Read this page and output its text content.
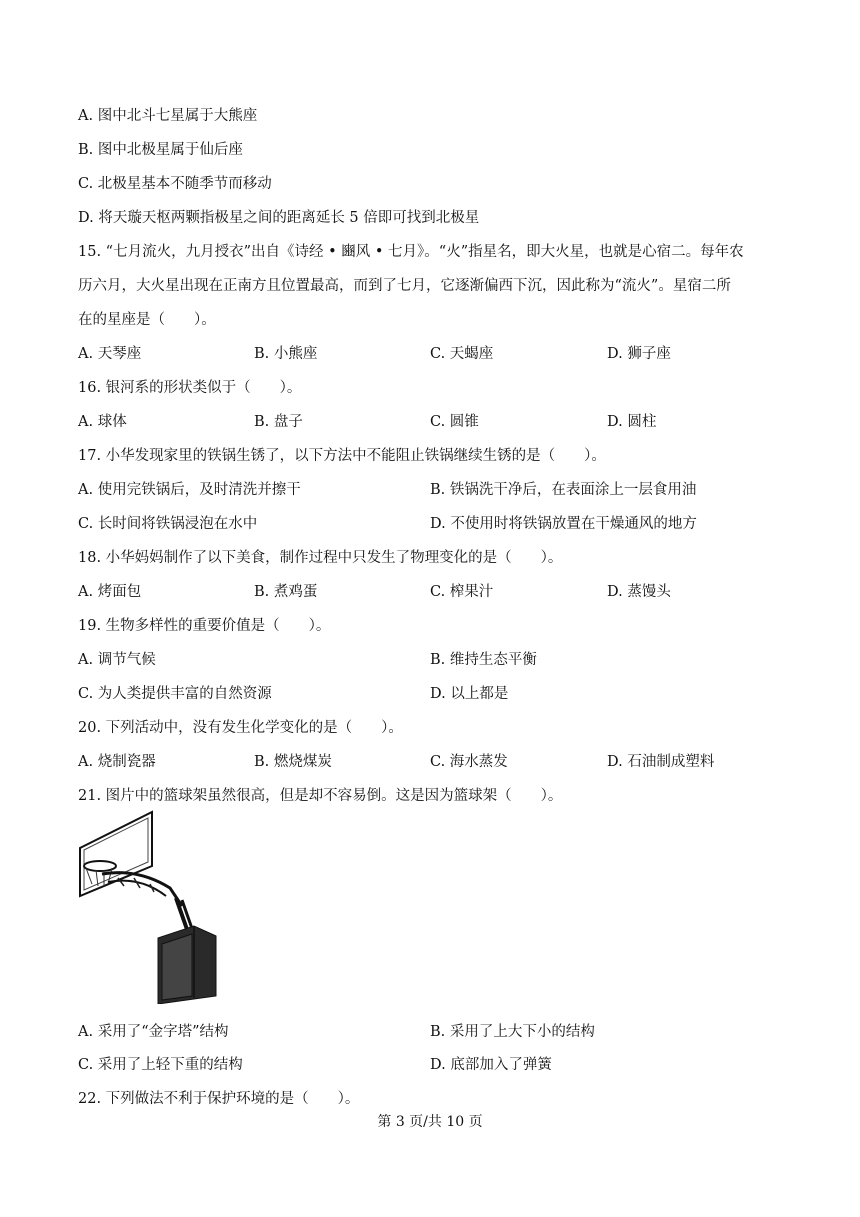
A. 图中北斗七星属于大熊座
B. 图中北极星属于仙后座
C. 北极星基本不随季节而移动
D. 将天璇天枢两颗指极星之间的距离延长 5 倍即可找到北极星
15. “七月流火，九月授衣”出自《诗经 • 豳风 • 七月》。“火”指星名，即大火星，也就是心宿二。每年农
历六月，大火星出现在正南方且位置最高，而到了七月，它逐渐偏西下沉，因此称为“流火”。星宿二所
在的星座是（　　）。
A. 天琴座	B. 小熊座	C. 天蝎座	D. 狮子座
16. 银河系的形状类似于（　　）。
A. 球体	B. 盘子	C. 圆锥	D. 圆柱
17. 小华发现家里的铁锅生锈了，以下方法中不能阻止铁锅继续生锈的是（　　）。
A. 使用完铁锅后，及时清洗并擦干	B. 铁锅洗干净后，在表面涂上一层食用油
C. 长时间将铁锅浸泡在水中	D. 不使用时将铁锅放置在干燥通风的地方
18. 小华妈妈制作了以下美食，制作过程中只发生了物理变化的是（　　）。
A. 烤面包	B. 煮鸡蛋	C. 榨果汁	D. 蒸馒头
19. 生物多样性的重要价值是（　　）。
A. 调节气候	B. 维持生态平衡
C. 为人类提供丰富的自然资源	D. 以上都是
20. 下列活动中，没有发生化学变化的是（　　）。
A. 烧制瓷器	B. 燃烧煤炭	C. 海水蒸发	D. 石油制成塑料
21. 图片中的篮球架虽然很高，但是却不容易倒。这是因为篮球架（　　）。
A. 采用了“金字塔”结构	B. 采用了上大下小的结构
C. 采用了上轻下重的结构	D. 底部加入了弹簧
22. 下列做法不利于保护环境的是（　　）。
第 3 页/共 10 页
